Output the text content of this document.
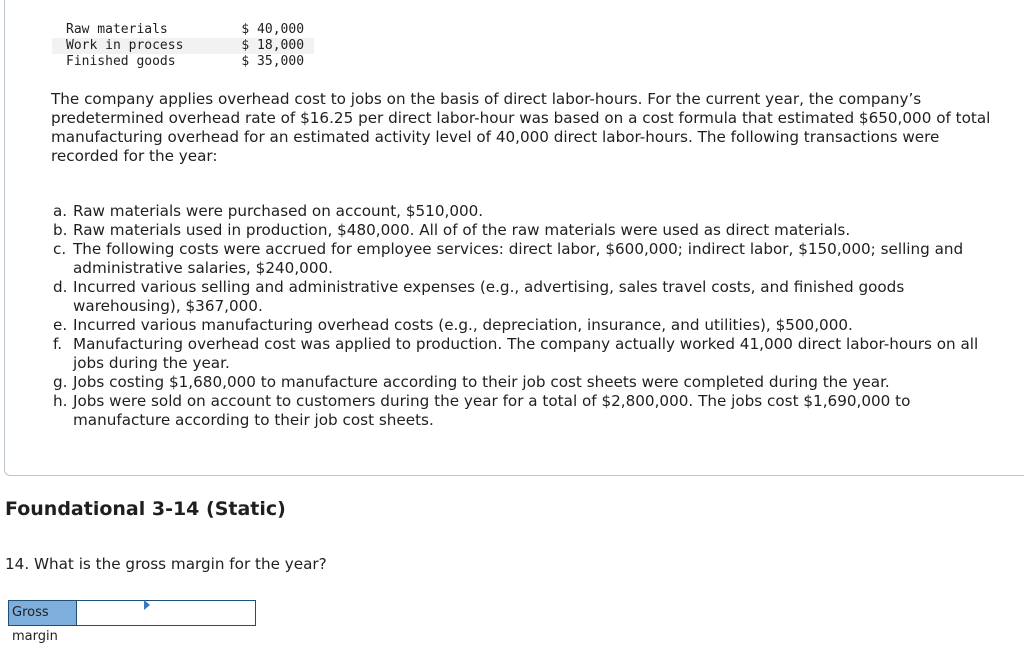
Raw materials	$ 40,000
Work in process	$ 18,000
Finished goods	$ 35,000

The company applies overhead cost to jobs on the basis of direct labor-hours. For the current year, the company’s predetermined overhead rate of $16.25 per direct labor-hour was based on a cost formula that estimated $650,000 of total manufacturing overhead for an estimated activity level of 40,000 direct labor-hours. The following transactions were recorded for the year:

a. Raw materials were purchased on account, $510,000.
b. Raw materials used in production, $480,000. All of of the raw materials were used as direct materials.
c. The following costs were accrued for employee services: direct labor, $600,000; indirect labor, $150,000; selling and administrative salaries, $240,000.
d. Incurred various selling and administrative expenses (e.g., advertising, sales travel costs, and finished goods warehousing), $367,000.
e. Incurred various manufacturing overhead costs (e.g., depreciation, insurance, and utilities), $500,000.
f. Manufacturing overhead cost was applied to production. The company actually worked 41,000 direct labor-hours on all jobs during the year.
g. Jobs costing $1,680,000 to manufacture according to their job cost sheets were completed during the year.
h. Jobs were sold on account to customers during the year for a total of $2,800,000. The jobs cost $1,690,000 to manufacture according to their job cost sheets.
Foundational 3-14 (Static)

14. What is the gross margin for the year?

Gross margin
